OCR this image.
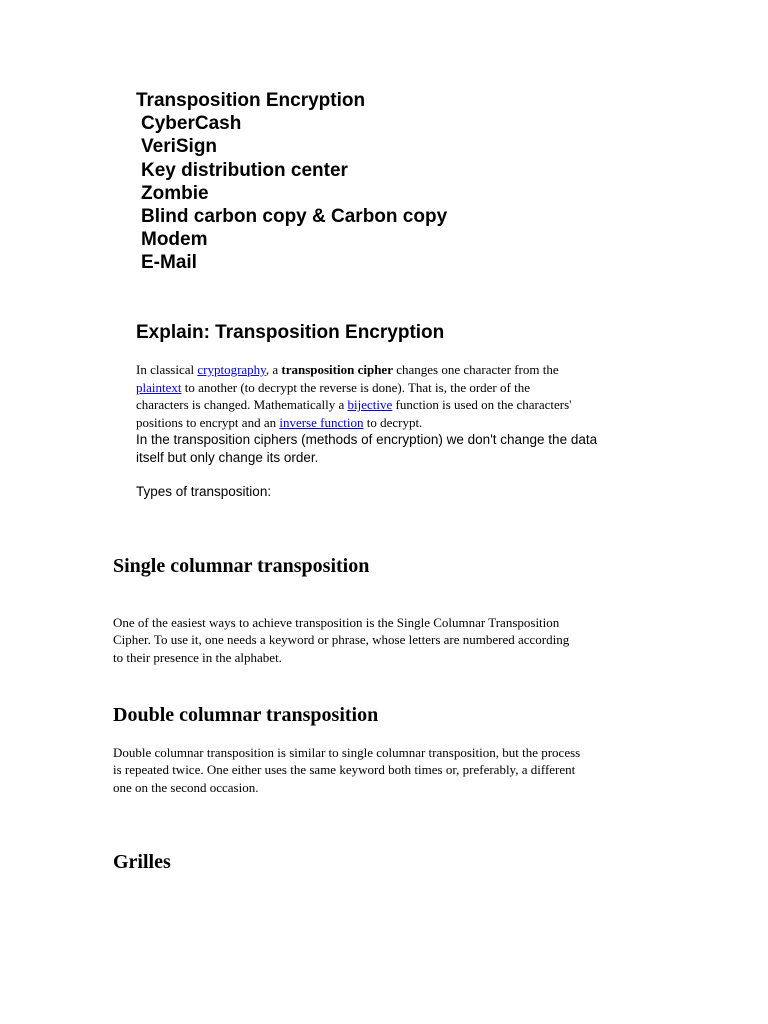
Transposition Encryption
CyberCash
VeriSign
Key distribution center
Zombie
Blind carbon copy & Carbon copy
Modem
E-Mail
Explain: Transposition Encryption

In classical cryptography, a transposition cipher changes one character from the
plaintext to another (to decrypt the reverse is done). That is, the order of the
characters is changed. Mathematically a bijective function is used on the characters'
positions to encrypt and an inverse function to decrypt.

In the transposition ciphers (methods of encryption) we don't change the data
itself but only change its order.

Types of transposition:

Single columnar transposition

One of the easiest ways to achieve transposition is the Single Columnar Transposition
Cipher. To use it, one needs a keyword or phrase, whose letters are numbered according
to their presence in the alphabet.

Double columnar transposition

Double columnar transposition is similar to single columnar transposition, but the process
is repeated twice. One either uses the same keyword both times or, preferably, a different
one on the second occasion.

Grilles
